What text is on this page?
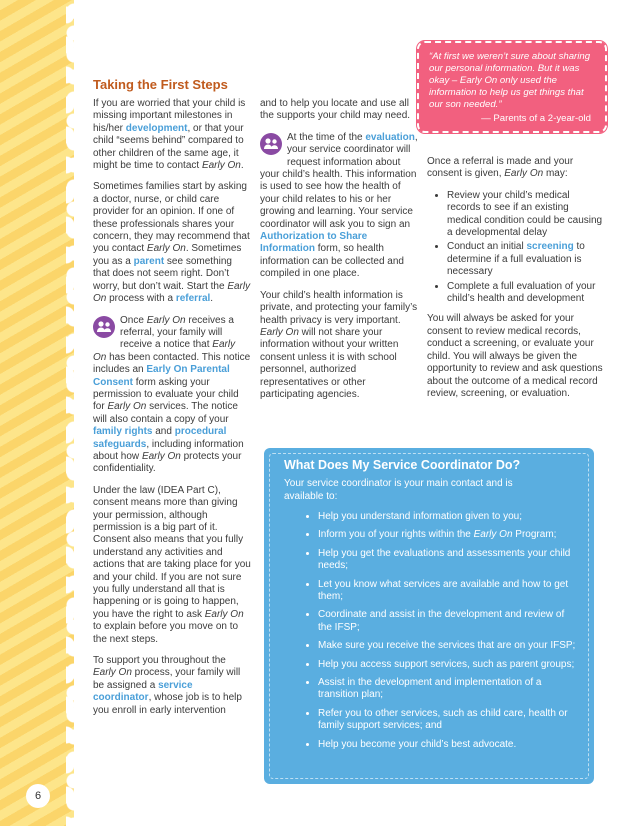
6
Taking the First Steps
“At first we weren’t sure about sharing our personal information. But it was okay – Early On only used the information to help us get things that our son needed.”
— Parents of a 2-year-old

If you are worried that your child is missing important milestones in his/her development, or that your child “seems behind” compared to other children of the same age, it might be time to contact Early On.

Sometimes families start by asking a doctor, nurse, or child care provider for an opinion. If one of these professionals shares your concern, they may recommend that you contact Early On. Sometimes you as a parent see something that does not seem right. Don’t worry, but don’t wait. Start the Early On process with a referral.

Once Early On receives a referral, your family will receive a notice that Early On has been contacted. This notice includes an Early On Parental Consent form asking your permission to evaluate your child for Early On services. The notice will also contain a copy of your family rights and procedural safeguards, including information about how Early On protects your confidentiality.

Under the law (IDEA Part C), consent means more than giving your permission, although permission is a big part of it. Consent also means that you fully understand any activities and actions that are taking place for you and your child. If you are not sure you fully understand all that is happening or is going to happen, you have the right to ask Early On to explain before you move on to the next steps.

To support you throughout the Early On process, your family will be assigned a service coordinator, whose job is to help you enroll in early intervention

and to help you locate and use all the supports your child may need.

At the time of the evaluation, your service coordinator will request information about your child’s health. This information is used to see how the health of your child relates to his or her growing and learning. Your service coordinator will ask you to sign an Authorization to Share Information form, so health information can be collected and compiled in one place.

Your child’s health information is private, and protecting your family’s health privacy is very important. Early On will not share your information without your written consent unless it is with school personnel, authorized representatives or other participating agencies.

Once a referral is made and your consent is given, Early On may:

• Review your child’s medical records to see if an existing medical condition could be causing a developmental delay
• Conduct an initial screening to determine if a full evaluation is necessary
• Complete a full evaluation of your child’s health and development

You will always be asked for your consent to review medical records, conduct a screening, or evaluate your child. You will always be given the opportunity to review and ask questions about the outcome of a medical record review, screening, or evaluation.

What Does My Service Coordinator Do?

Your service coordinator is your main contact and is available to:

• Help you understand information given to you;
• Inform you of your rights within the Early On Program;
• Help you get the evaluations and assessments your child needs;
• Let you know what services are available and how to get them;
• Coordinate and assist in the development and review of the IFSP;
• Make sure you receive the services that are on your IFSP;
• Help you access support services, such as parent groups;
• Assist in the development and implementation of a transition plan;
• Refer you to other services, such as child care, health or family support services; and
• Help you become your child’s best advocate.
